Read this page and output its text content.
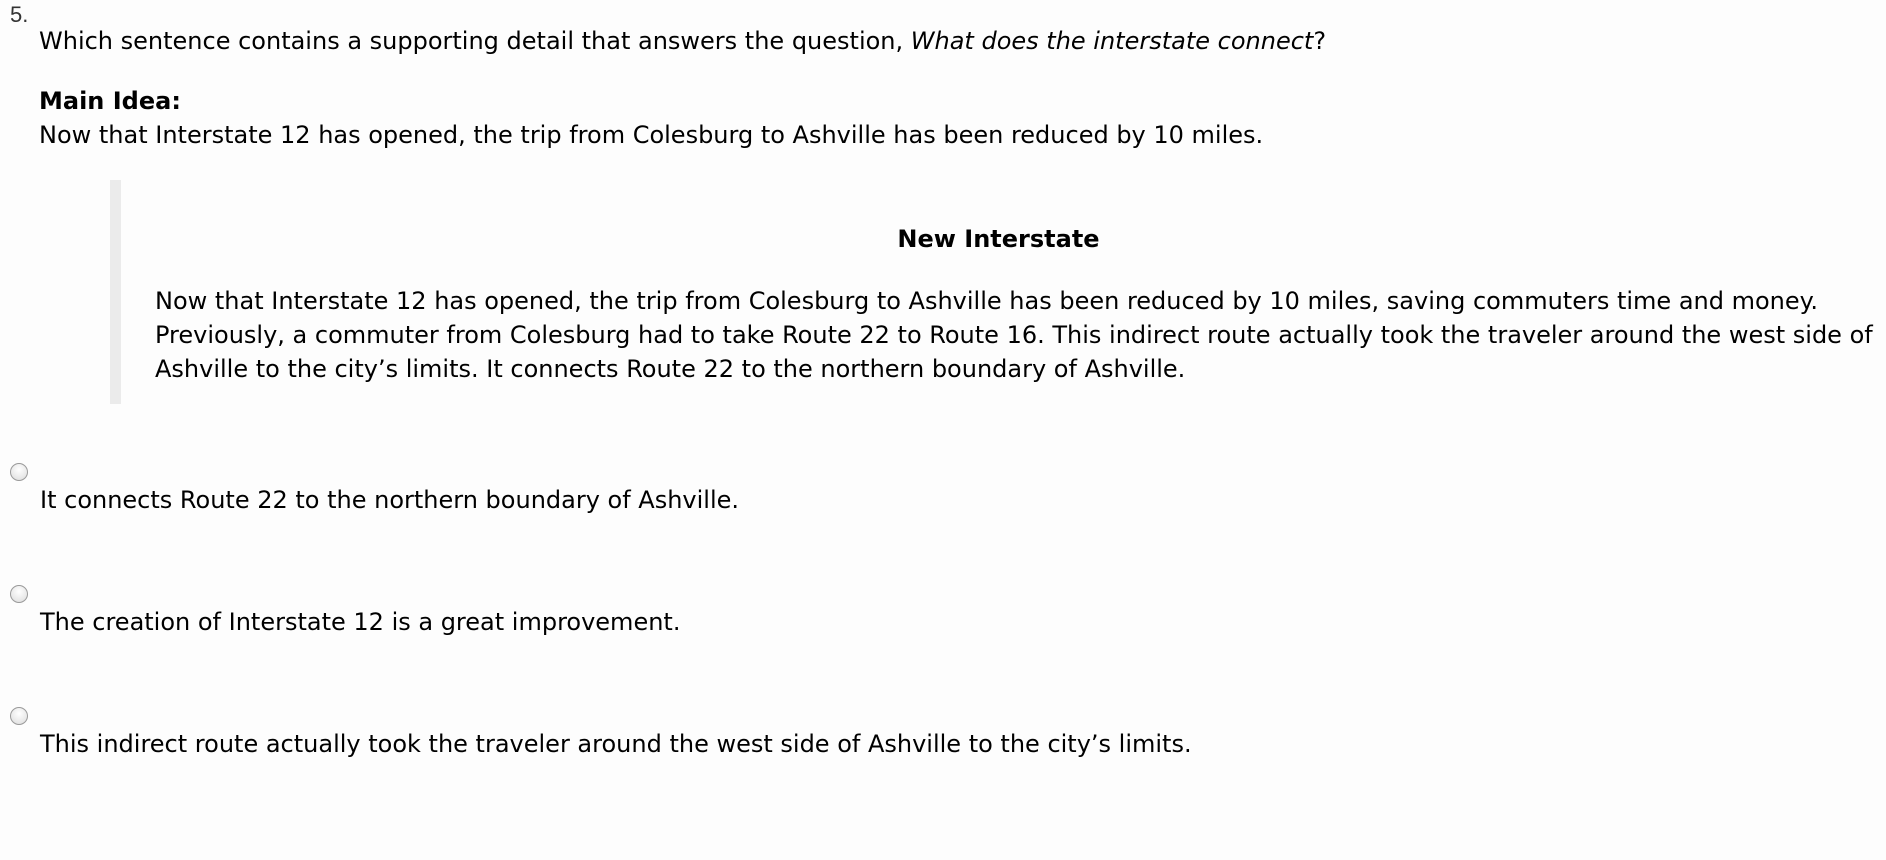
5.
Which sentence contains a supporting detail that answers the question, What does the interstate connect?
Main Idea:
Now that Interstate 12 has opened, the trip from Colesburg to Ashville has been reduced by 10 miles.
New Interstate
Now that Interstate 12 has opened, the trip from Colesburg to Ashville has been reduced by 10 miles, saving commuters time and money. Previously, a commuter from Colesburg had to take Route 22 to Route 16. This indirect route actually took the traveler around the west side of Ashville to the city’s limits. It connects Route 22 to the northern boundary of Ashville.
It connects Route 22 to the northern boundary of Ashville.
The creation of Interstate 12 is a great improvement.
This indirect route actually took the traveler around the west side of Ashville to the city’s limits.
